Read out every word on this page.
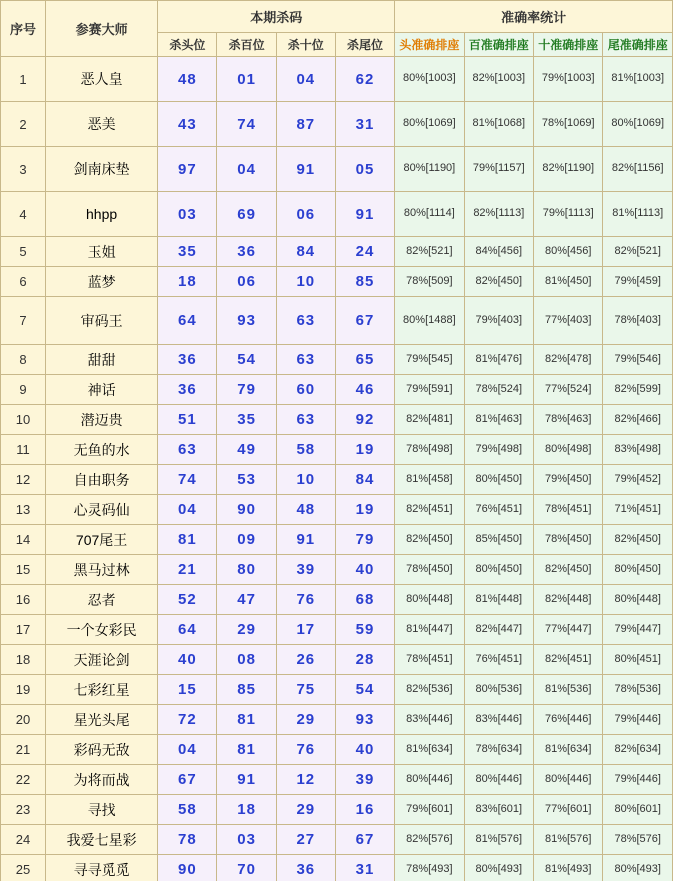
序号	参赛大师	本期杀码				准确率统计			
		杀头位	杀百位	杀十位	杀尾位	头准确排座	百准确排座	十准确排座	尾准确排座
1	恶人皇	48	01	04	62	80%[1003]	82%[1003]	79%[1003]	81%[1003]
2	恶美	43	74	87	31	80%[1069]	81%[1068]	78%[1069]	80%[1069]
3	剑南床垫	97	04	91	05	80%[1190]	79%[1157]	82%[1190]	82%[1156]
4	hhpp	03	69	06	91	80%[1114]	82%[1113]	79%[1113]	81%[1113]
5	玉姐	35	36	84	24	82%[521]	84%[456]	80%[456]	82%[521]
6	蓝梦	18	06	10	85	78%[509]	82%[450]	81%[450]	79%[459]
7	审码王	64	93	63	67	80%[1488]	79%[403]	77%[403]	78%[403]
8	甜甜	36	54	63	65	79%[545]	81%[476]	82%[478]	79%[546]
9	神话	36	79	60	46	79%[591]	78%[524]	77%[524]	82%[599]
10	潜迈贵	51	35	63	92	82%[481]	81%[463]	78%[463]	82%[466]
11	无鱼的水	63	49	58	19	78%[498]	79%[498]	80%[498]	83%[498]
12	自由职务	74	53	10	84	81%[458]	80%[450]	79%[450]	79%[452]
13	心灵码仙	04	90	48	19	82%[451]	76%[451]	78%[451]	71%[451]
14	707尾王	81	09	91	79	82%[450]	85%[450]	78%[450]	82%[450]
15	黑马过林	21	80	39	40	78%[450]	80%[450]	82%[450]	80%[450]
16	忍者	52	47	76	68	80%[448]	81%[448]	82%[448]	80%[448]
17	一个女彩民	64	29	17	59	81%[447]	82%[447]	77%[447]	79%[447]
18	天涯论剑	40	08	26	28	78%[451]	76%[451]	82%[451]	80%[451]
19	七彩红星	15	85	75	54	82%[536]	80%[536]	81%[536]	78%[536]
20	星光头尾	72	81	29	93	83%[446]	83%[446]	76%[446]	79%[446]
21	彩码无敌	04	81	76	40	81%[634]	78%[634]	81%[634]	82%[634]
22	为将而战	67	91	12	39	80%[446]	80%[446]	80%[446]	79%[446]
23	寻找	58	18	29	16	79%[601]	83%[601]	77%[601]	80%[601]
24	我爱七星彩	78	03	27	67	82%[576]	81%[576]	81%[576]	78%[576]
25	寻寻觅觅	90	70	36	31	78%[493]	80%[493]	81%[493]	80%[493]
